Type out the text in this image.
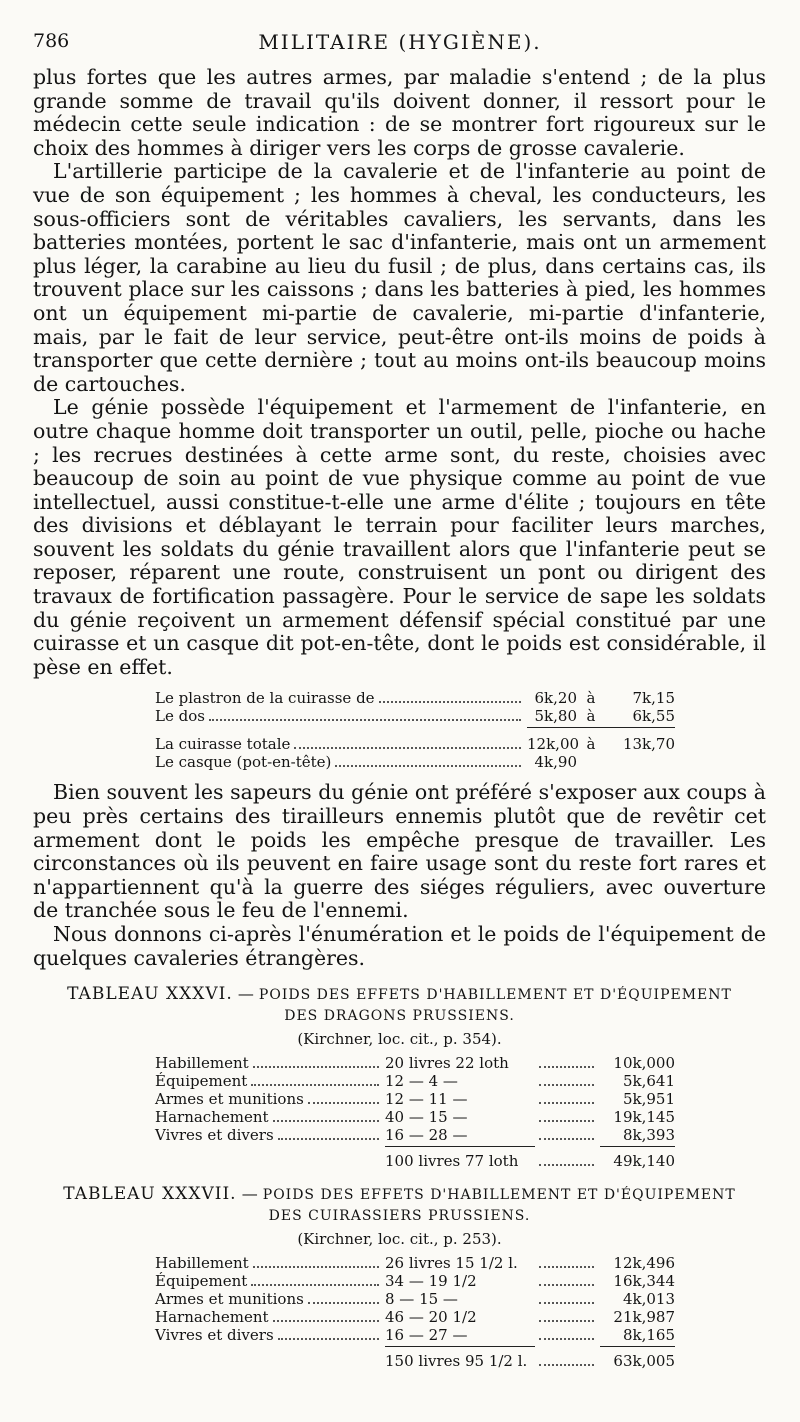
786	MILITAIRE (HYGIÈNE).

plus fortes que les autres armes, par maladie s'entend ; de la plus grande somme de travail qu'ils doivent donner, il ressort pour le médecin cette seule indication : de se montrer fort rigoureux sur le choix des hommes à diriger vers les corps de grosse cavalerie.

L'artillerie participe de la cavalerie et de l'infanterie au point de vue de son équipement ; les hommes à cheval, les conducteurs, les sous-officiers sont de véritables cavaliers, les servants, dans les batteries montées, portent le sac d'infanterie, mais ont un armement plus léger, la carabine au lieu du fusil ; de plus, dans certains cas, ils trouvent place sur les caissons ; dans les batteries à pied, les hommes ont un équipement mi-partie de cavalerie, mi-partie d'infanterie, mais, par le fait de leur service, peut-être ont-ils moins de poids à transporter que cette dernière ; tout au moins ont-ils beaucoup moins de cartouches.

Le génie possède l'équipement et l'armement de l'infanterie, en outre chaque homme doit transporter un outil, pelle, pioche ou hache ; les recrues destinées à cette arme sont, du reste, choisies avec beaucoup de soin au point de vue physique comme au point de vue intellectuel, aussi constitue-t-elle une arme d'élite ; toujours en tête des divisions et déblayant le terrain pour faciliter leurs marches, souvent les soldats du génie travaillent alors que l'infanterie peut se reposer, réparent une route, construisent un pont ou dirigent des travaux de fortification passagère. Pour le service de sape les soldats du génie reçoivent un armement défensif spécial constitué par une cuirasse et un casque dit pot-en-tête, dont le poids est considérable, il pèse en effet.

Le plastron de la cuirasse de	6k,20 à	7k,15
Le dos	5k,80 à	6k,55
La cuirasse totale	12k,00 à	13k,70
Le casque (pot-en-tête)	4k,90

Bien souvent les sapeurs du génie ont préféré s'exposer aux coups à peu près certains des tirailleurs ennemis plutôt que de revêtir cet armement dont le poids les empêche presque de travailler. Les circonstances où ils peuvent en faire usage sont du reste fort rares et n'appartiennent qu'à la guerre des siéges réguliers, avec ouverture de tranchée sous le feu de l'ennemi.

Nous donnons ci-après l'énumération et le poids de l'équipement de quelques cavaleries étrangères.

TABLEAU XXXVI. — POIDS DES EFFETS D'HABILLEMENT ET D'ÉQUIPEMENT
DES DRAGONS PRUSSIENS.
(Kirchner, loc. cit., p. 354).
Habillement	20 livres 22 loth	10k,000
Équipement	12 — 4 —	5k,641
Armes et munitions	12 — 11 —	5k,951
Harnachement	40 — 15 —	19k,145
Vivres et divers	16 — 28 —	8k,393
100 livres 77 loth	49k,140
TABLEAU XXXVII. — POIDS DES EFFETS D'HABILLEMENT ET D'ÉQUIPEMENT
DES CUIRASSIERS PRUSSIENS.
(Kirchner, loc. cit., p. 253).
Habillement	26 livres 15 1/2 l.	12k,496
Équipement	34 — 19 1/2	16k,344
Armes et munitions	8 — 15 —	4k,013
Harnachement	46 — 20 1/2	21k,987
Vivres et divers	16 — 27 —	8k,165
150 livres 95 1/2 l.	63k,005
